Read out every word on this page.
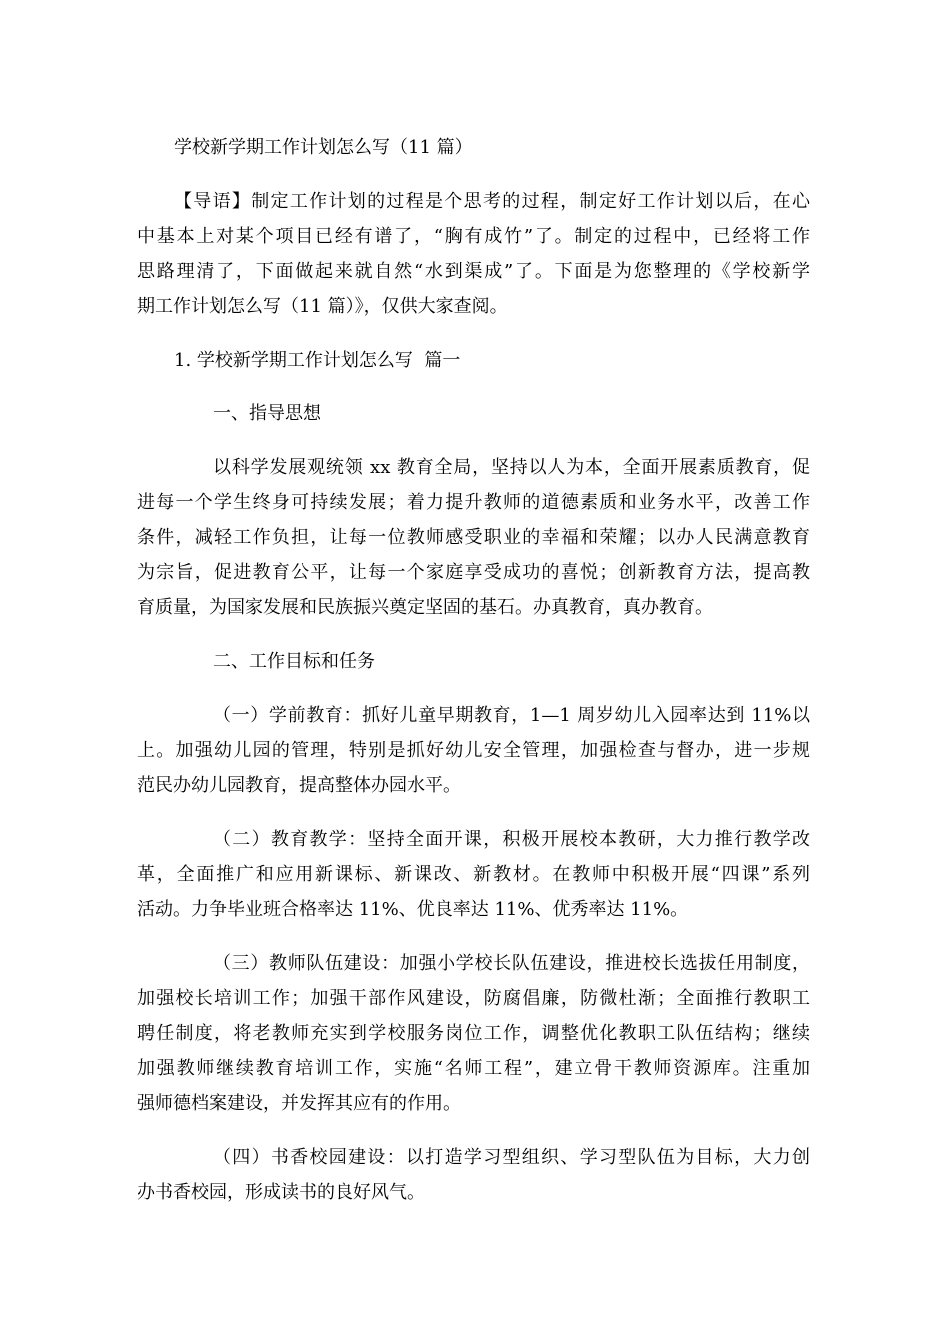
学校新学期工作计划怎么写（11 篇）
【导语】制定工作计划的过程是个思考的过程，制定好工作计划以后，在心
中基本上对某个项目已经有谱了，“胸有成竹”了。制定的过程中，已经将工作
思路理清了，下面做起来就自然“水到渠成”了。下面是为您整理的《学校新学
期工作计划怎么写（11 篇）》，仅供大家查阅。
1. 学校新学期工作计划怎么写  篇一
一、指导思想
以科学发展观统领 xx 教育全局，坚持以人为本，全面开展素质教育，促
进每一个学生终身可持续发展；着力提升教师的道德素质和业务水平，改善工作
条件，减轻工作负担，让每一位教师感受职业的幸福和荣耀；以办人民满意教育
为宗旨，促进教育公平，让每一个家庭享受成功的喜悦；创新教育方法，提高教
育质量，为国家发展和民族振兴奠定坚固的基石。办真教育，真办教育。
二、工作目标和任务
（一）学前教育：抓好儿童早期教育，1—1 周岁幼儿入园率达到 11%以
上。加强幼儿园的管理，特别是抓好幼儿安全管理，加强检查与督办，进一步规
范民办幼儿园教育，提高整体办园水平。
（二）教育教学：坚持全面开课，积极开展校本教研，大力推行教学改
革，全面推广和应用新课标、新课改、新教材。在教师中积极开展“四课”系列
活动。力争毕业班合格率达 11%、优良率达 11%、优秀率达 11%。
（三）教师队伍建设：加强小学校长队伍建设，推进校长选拔任用制度，
加强校长培训工作；加强干部作风建设，防腐倡廉，防微杜渐；全面推行教职工
聘任制度，将老教师充实到学校服务岗位工作，调整优化教职工队伍结构；继续
加强教师继续教育培训工作，实施“名师工程”，建立骨干教师资源库。注重加
强师德档案建设，并发挥其应有的作用。
（四）书香校园建设：以打造学习型组织、学习型队伍为目标，大力创
办书香校园，形成读书的良好风气。
